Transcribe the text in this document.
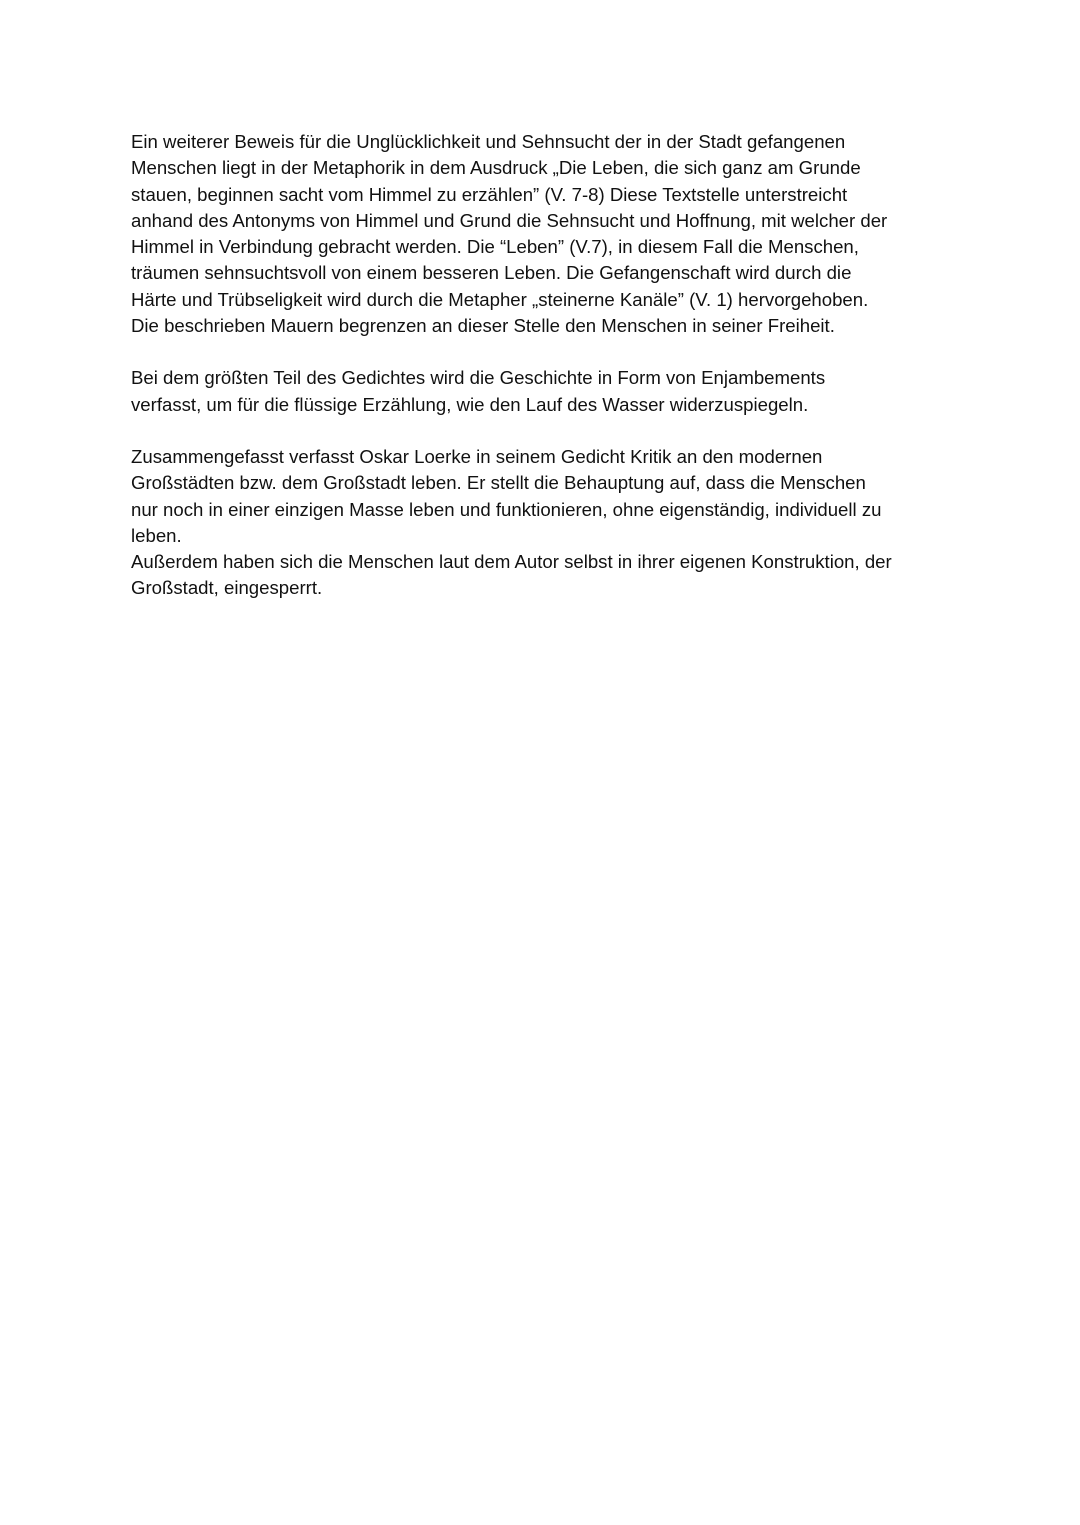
Ein weiterer Beweis für die Unglücklichkeit und Sehnsucht der in der Stadt gefangenen
Menschen liegt in der Metaphorik in dem Ausdruck „Die Leben, die sich ganz am Grunde
stauen, beginnen sacht vom Himmel zu erzählen” (V. 7-8) Diese Textstelle unterstreicht
anhand des Antonyms von Himmel und Grund die Sehnsucht und Hoffnung, mit welcher der
Himmel in Verbindung gebracht werden. Die “Leben” (V.7), in diesem Fall die Menschen,
träumen sehnsuchtsvoll von einem besseren Leben. Die Gefangenschaft wird durch die
Härte und Trübseligkeit wird durch die Metapher „steinerne Kanäle” (V. 1) hervorgehoben.
Die beschrieben Mauern begrenzen an dieser Stelle den Menschen in seiner Freiheit.

Bei dem größten Teil des Gedichtes wird die Geschichte in Form von Enjambements
verfasst, um für die flüssige Erzählung, wie den Lauf des Wasser widerzuspiegeln.

Zusammengefasst verfasst Oskar Loerke in seinem Gedicht Kritik an den modernen
Großstädten bzw. dem Großstadt leben. Er stellt die Behauptung auf, dass die Menschen
nur noch in einer einzigen Masse leben und funktionieren, ohne eigenständig, individuell zu
leben.
Außerdem haben sich die Menschen laut dem Autor selbst in ihrer eigenen Konstruktion, der
Großstadt, eingesperrt.
